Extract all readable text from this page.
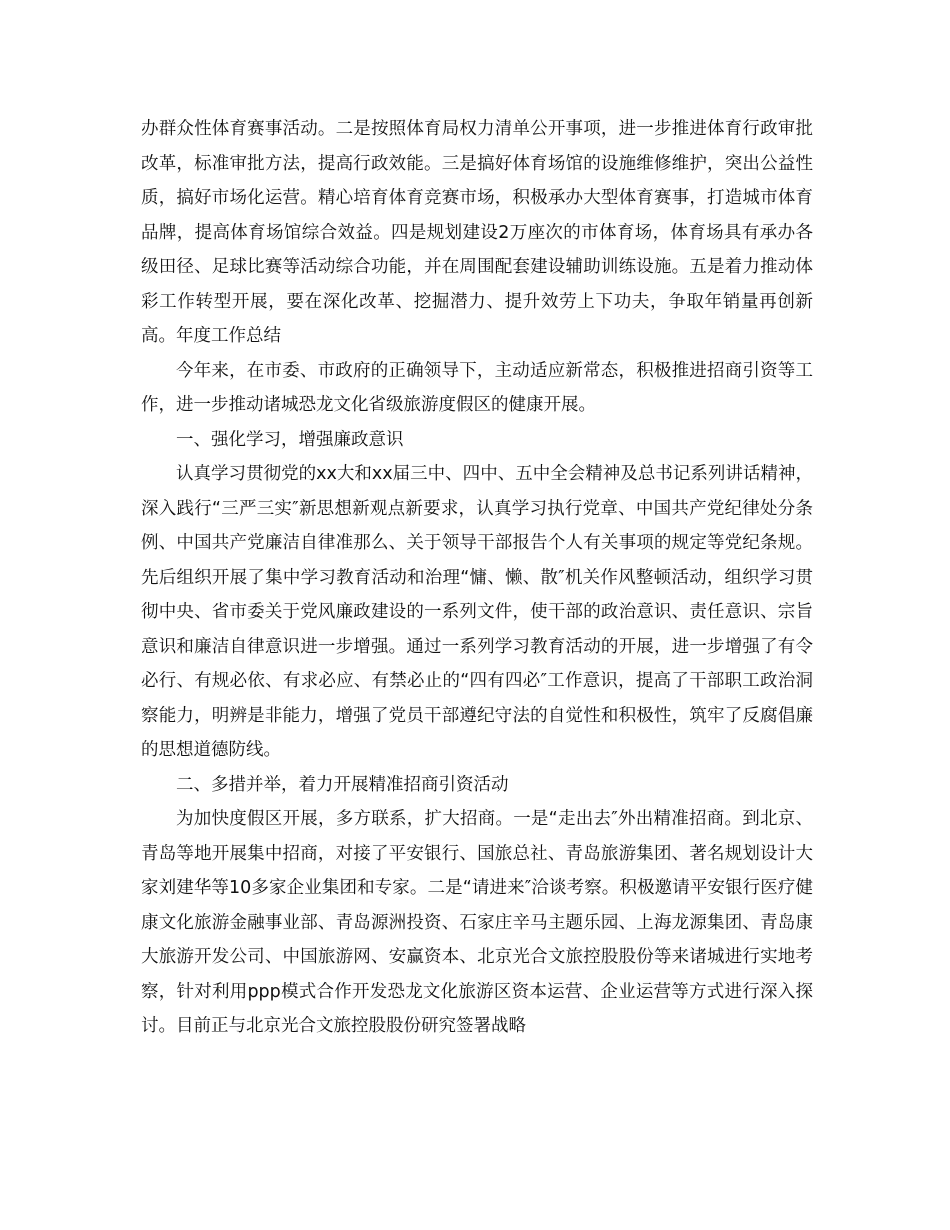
办群众性体育赛事活动。二是按照体育局权力清单公开事项，进一步推进体育行政审批改革，标准审批方法，提高行政效能。三是搞好体育场馆的设施维修维护，突出公益性质，搞好市场化运营。精心培育体育竞赛市场，积极承办大型体育赛事，打造城市体育品牌，提高体育场馆综合效益。四是规划建设2万座次的市体育场，体育场具有承办各级田径、足球比赛等活动综合功能，并在周围配套建设辅助训练设施。五是着力推动体彩工作转型开展，要在深化改革、挖掘潜力、提升效劳上下功夫，争取年销量再创新高。年度工作总结

今年来，在市委、市政府的正确领导下，主动适应新常态，积极推进招商引资等工作，进一步推动诸城恐龙文化省级旅游度假区的健康开展。

一、强化学习，增强廉政意识

认真学习贯彻党的xx大和xx届三中、四中、五中全会精神及总书记系列讲话精神，深入践行“三严三实″新思想新观点新要求，认真学习执行党章、中国共产党纪律处分条例、中国共产党廉洁自律准那么、关于领导干部报告个人有关事项的规定等党纪条规。先后组织开展了集中学习教育活动和治理“慵、懒、散″机关作风整顿活动，组织学习贯彻中央、省市委关于党风廉政建设的一系列文件，使干部的政治意识、责任意识、宗旨意识和廉洁自律意识进一步增强。通过一系列学习教育活动的开展，进一步增强了有令必行、有规必依、有求必应、有禁必止的“四有四必″工作意识，提高了干部职工政治洞察能力，明辨是非能力，增强了党员干部遵纪守法的自觉性和积极性，筑牢了反腐倡廉的思想道德防线。

二、多措并举，着力开展精准招商引资活动

为加快度假区开展，多方联系，扩大招商。一是“走出去″外出精准招商。到北京、青岛等地开展集中招商，对接了平安银行、国旅总社、青岛旅游集团、著名规划设计大家刘建华等10多家企业集团和专家。二是“请进来″洽谈考察。积极邀请平安银行医疗健康文化旅游金融事业部、青岛源洲投资、石家庄辛马主题乐园、上海龙源集团、青岛康大旅游开发公司、中国旅游网、安赢资本、北京光合文旅控股股份等来诸城进行实地考察，针对利用ppp模式合作开发恐龙文化旅游区资本运营、企业运营等方式进行深入探讨。目前正与北京光合文旅控股股份研究签署战略
